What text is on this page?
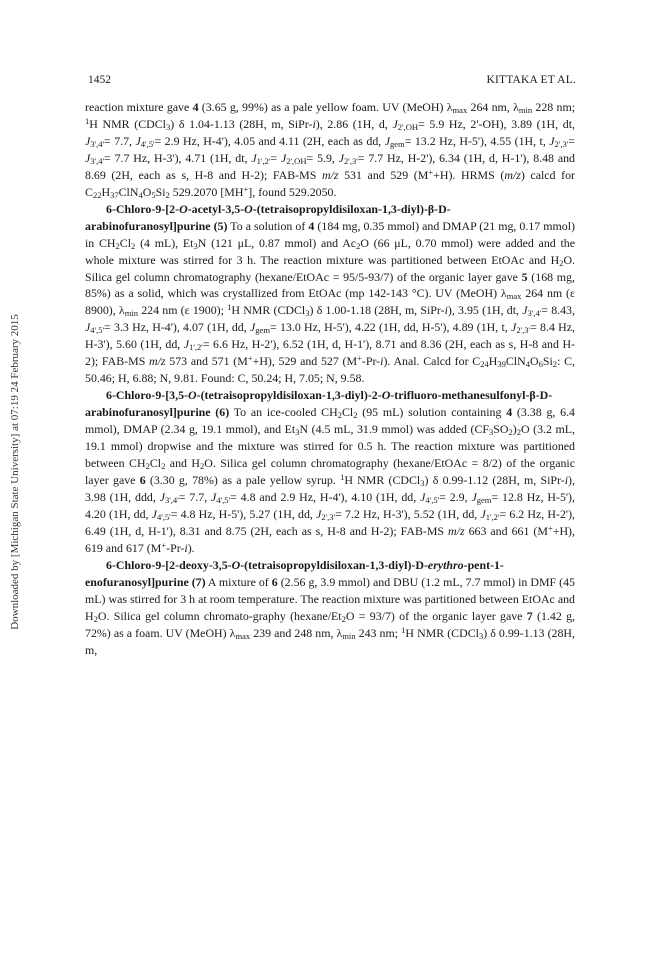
1452	KITTAKA ET AL.
Downloaded by [Michigan State University] at 07:19 24 February 2015

reaction mixture gave 4 (3.65 g, 99%) as a pale yellow foam. UV (MeOH) $\lambda_{max}$ 264 nm, $\lambda_{min}$ 228 nm; $^1$H NMR (CDCl$_3$) δ 1.04-1.13 (28H, m, SiPr-i), 2.86 (1H, d, $J_{2',OH}= 5.9$ Hz, 2'-OH), 3.89 (1H, dt, $J_{3',4'}= 7.7$, $J_{4',5'}= 2.9$ Hz, H-4'), 4.05 and 4.11 (2H, each as dd, $J_{gem}= 13.2$ Hz, H-5'), 4.55 (1H, t, $J_{2',3'}= J_{3',4'}= 7.7$ Hz, H-3'), 4.71 (1H, dt, $J_{1',2'}= J_{2',OH}= 5.9$, $J_{2',3'}= 7.7$ Hz, H-2'), 6.34 (1H, d, H-1'), 8.48 and 8.69 (2H, each as s, H-8 and H-2); FAB-MS m/z 531 and 529 (M++H). HRMS (m/z) calcd for $C_{22}H_{37}ClN_4O_5Si_2$ 529.2070 [MH+], found 529.2050.

6-Chloro-9-[2-O-acetyl-3,5-O-(tetraisopropyldisiloxan-1,3-diyl)-β-D-arabinofuranosyl]purine (5) To a solution of 4 (184 mg, 0.35 mmol) and DMAP (21 mg, 0.17 mmol) in $CH_2Cl_2$ (4 mL), $Et_3N$ (121 μL, 0.87 mmol) and $Ac_2O$ (66 μL, 0.70 mmol) were added and the whole mixture was stirred for 3 h. The reaction mixture was partitioned between EtOAc and $H_2O$. Silica gel column chromatography (hexane/EtOAc = 95/5-93/7) of the organic layer gave 5 (168 mg, 85%) as a solid, which was crystallized from EtOAc (mp 142-143 °C). UV (MeOH) $\lambda_{max}$ 264 nm (ε 8900), $\lambda_{min}$ 224 nm (ε 1900); $^1$H NMR (CDCl$_3$) δ 1.00-1.18 (28H, m, SiPr-i), 3.95 (1H, dt, $J_{3',4'}= 8.43$, $J_{4',5'}= 3.3$ Hz, H-4'), 4.07 (1H, dd, $J_{gem}= 13.0$ Hz, H-5'), 4.22 (1H, dd, H-5'), 4.89 (1H, t, $J_{2',3'}= 8.4$ Hz, H-3'), 5.60 (1H, dd, $J_{1',2'}= 6.6$ Hz, H-2'), 6.52 (1H, d, H-1'), 8.71 and 8.36 (2H, each as s, H-8 and H-2); FAB-MS m/z 573 and 571 (M++H), 529 and 527 (M+-Pr-i). Anal. Calcd for $C_{24}H_{39}ClN_4O_6Si_2$: C, 50.46; H, 6.88; N, 9.81. Found: C, 50.24; H, 7.05; N, 9.58.

6-Chloro-9-[3,5-O-(tetraisopropyldisiloxan-1,3-diyl)-2-O-trifluoro-methanesulfonyl-β-D-arabinofuranosyl]purine (6) To an ice-cooled $CH_2Cl_2$ (95 mL) solution containing 4 (3.38 g, 6.4 mmol), DMAP (2.34 g, 19.1 mmol), and $Et_3N$ (4.5 mL, 31.9 mmol) was added $(CF_3SO_2)_2O$ (3.2 mL, 19.1 mmol) dropwise and the mixture was stirred for 0.5 h. The reaction mixture was partitioned between $CH_2Cl_2$ and $H_2O$. Silica gel column chromatography (hexane/EtOAc = 8/2) of the organic layer gave 6 (3.30 g, 78%) as a pale yellow syrup. $^1$H NMR (CDCl$_3$) δ 0.99-1.12 (28H, m, SiPr-i), 3.98 (1H, ddd, $J_{3',4'}= 7.7$, $J_{4',5'}= 4.8$ and 2.9 Hz, H-4'), 4.10 (1H, dd, $J_{4',5'}= 2.9$, $J_{gem}= 12.8$ Hz, H-5'), 4.20 (1H, dd, $J_{4',5'}= 4.8$ Hz, H-5'), 5.27 (1H, dd, $J_{2',3'}= 7.2$ Hz, H-3'), 5.52 (1H, dd, $J_{1',2'}= 6.2$ Hz, H-2'), 6.49 (1H, d, H-1'), 8.31 and 8.75 (2H, each as s, H-8 and H-2); FAB-MS m/z 663 and 661 (M++H), 619 and 617 (M+-Pr-i).

6-Chloro-9-[2-deoxy-3,5-O-(tetraisopropyldisiloxan-1,3-diyl)-D-erythro-pent-1-enofuranosyl]purine (7) A mixture of 6 (2.56 g, 3.9 mmol) and DBU (1.2 mL, 7.7 mmol) in DMF (45 mL) was stirred for 3 h at room temperature. The reaction mixture was partitioned between EtOAc and $H_2O$. Silica gel column chromato-graphy $(hexane/Et_2O = 93/7)$ of the organic layer gave 7 (1.42 g, 72%) as a foam. UV (MeOH) $\lambda_{max}$ 239 and 248 nm, $\lambda_{min}$ 243 nm; $^1$H NMR (CDCl$_3$) δ 0.99-1.13 (28H, m,
